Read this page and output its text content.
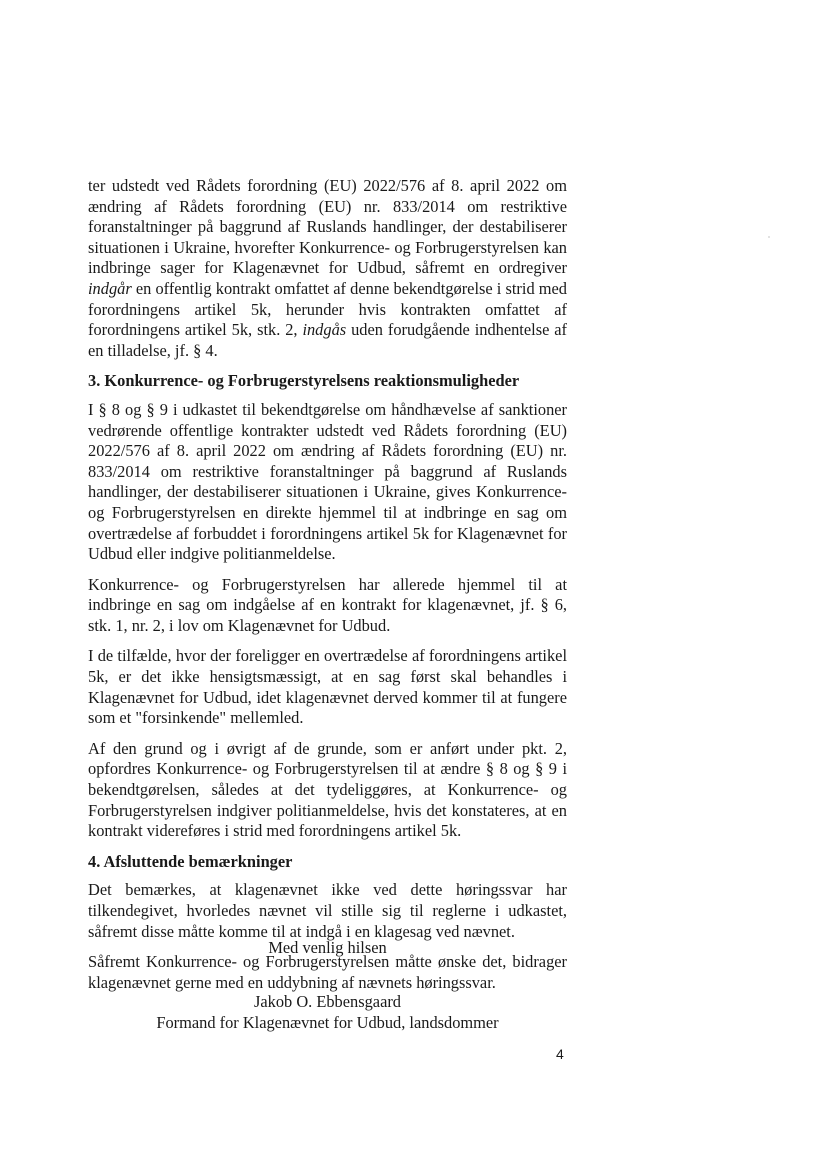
ter udstedt ved Rådets forordning (EU) 2022/576 af 8. april 2022 om ændring af Rådets forordning (EU) nr. 833/2014 om restriktive foranstaltninger på baggrund af Ruslands handlinger, der destabiliserer situationen i Ukraine, hvorefter Konkurrence- og Forbrugerstyrelsen kan indbringe sager for Klagenævnet for Udbud, såfremt en ordregiver indgår en offentlig kontrakt omfattet af denne bekendtgørelse i strid med forordningens artikel 5k, herunder hvis kontrakten omfattet af forordningens artikel 5k, stk. 2, indgås uden forudgående indhentelse af en tilladelse, jf. § 4.

3. Konkurrence- og Forbrugerstyrelsens reaktionsmuligheder

I § 8 og § 9 i udkastet til bekendtgørelse om håndhævelse af sanktioner vedrørende offentlige kontrakter udstedt ved Rådets forordning (EU) 2022/576 af 8. april 2022 om ændring af Rådets forordning (EU) nr. 833/2014 om restriktive foranstaltninger på baggrund af Ruslands handlinger, der destabiliserer situationen i Ukraine, gives Konkurrence- og Forbrugerstyrelsen en direkte hjemmel til at indbringe en sag om overtrædelse af forbuddet i forordningens artikel 5k for Klagenævnet for Udbud eller indgive politianmeldelse.

Konkurrence- og Forbrugerstyrelsen har allerede hjemmel til at indbringe en sag om indgåelse af en kontrakt for klagenævnet, jf. § 6, stk. 1, nr. 2, i lov om Klagenævnet for Udbud.

I de tilfælde, hvor der foreligger en overtrædelse af forordningens artikel 5k, er det ikke hensigtsmæssigt, at en sag først skal behandles i Klagenævnet for Udbud, idet klagenævnet derved kommer til at fungere som et "forsinkende" mellemled.

Af den grund og i øvrigt af de grunde, som er anført under pkt. 2, opfordres Konkurrence- og Forbrugerstyrelsen til at ændre § 8 og § 9 i bekendtgørelsen, således at det tydeliggøres, at Konkurrence- og Forbrugerstyrelsen indgiver politianmeldelse, hvis det konstateres, at en kontrakt videreføres i strid med forordningens artikel 5k.

4. Afsluttende bemærkninger

Det bemærkes, at klagenævnet ikke ved dette høringssvar har tilkendegivet, hvorledes nævnet vil stille sig til reglerne i udkastet, såfremt disse måtte komme til at indgå i en klagesag ved nævnet.

Såfremt Konkurrence- og Forbrugerstyrelsen måtte ønske det, bidrager klagenævnet gerne med en uddybning af nævnets høringssvar.

Med venlig hilsen
Jakob O. Ebbensgaard
Formand for Klagenævnet for Udbud, landsdommer
4
